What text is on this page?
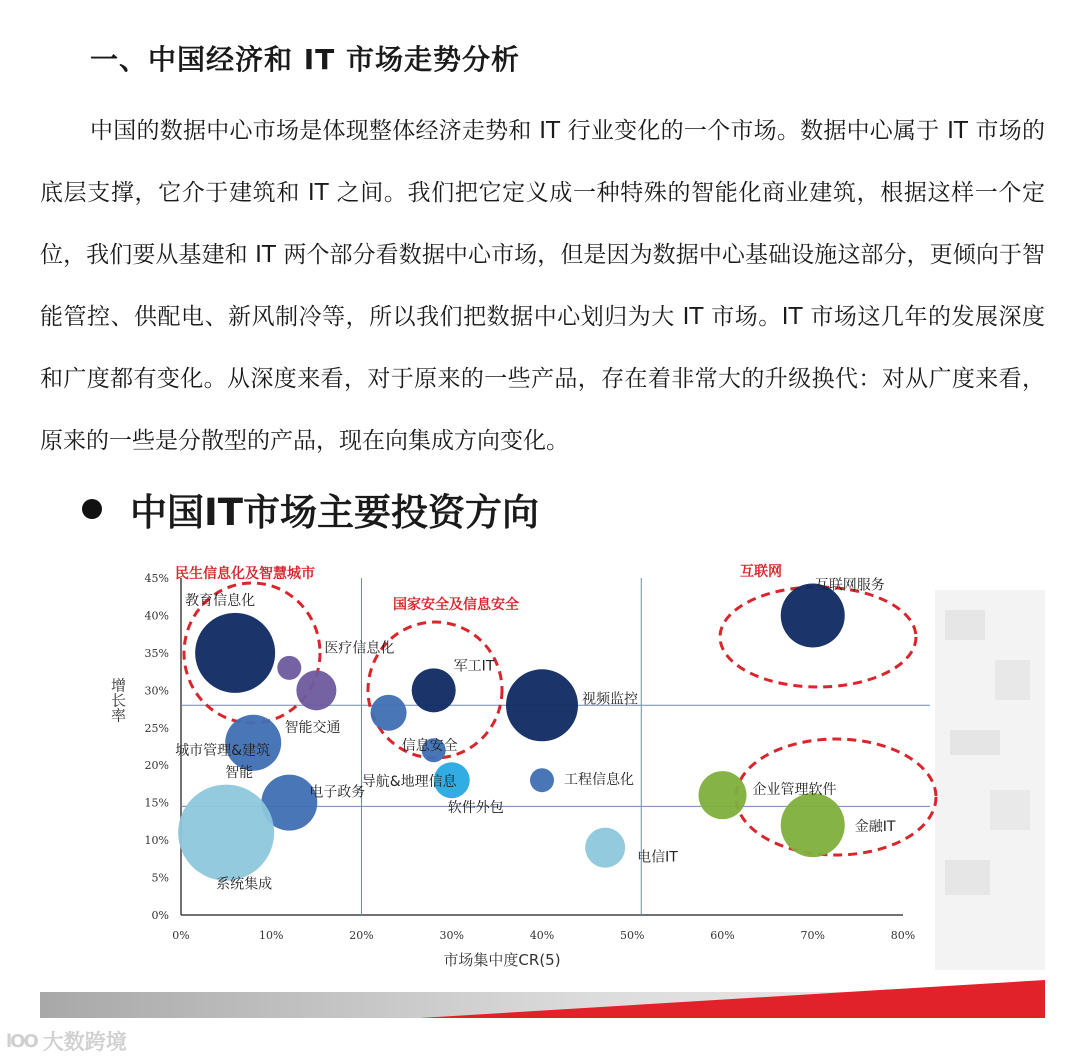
一、中国经济和 IT 市场走势分析
中国的数据中心市场是体现整体经济走势和 IT 行业变化的一个市场。数据中心属于 IT 市场的底层支撑，它介于建筑和 IT 之间。我们把它定义成一种特殊的智能化商业建筑，根据这样一个定位，我们要从基建和 IT 两个部分看数据中心市场，但是因为数据中心基础设施这部分，更倾向于智能管控、供配电、新风制冷等，所以我们把数据中心划归为大 IT 市场。IT 市场这几年的发展深度和广度都有变化。从深度来看，对于原来的一些产品，存在着非常大的升级换代：对从广度来看，原来的一些是分散型的产品，现在向集成方向变化。
中国IT市场主要投资方向
0%	10%	20%	30%	40%	50%	60%	70%	80%
0%
5%
10%
15%
20%
25%
30%
35%
40%
45%
市场集中度CR(5)
增长率
民生信息化及智慧城市
国家安全及信息安全
互联网
教育信息化
医疗信息化
军工IT
视频监控
互联网服务
智能交通
信息安全
城市管理&建筑
智能
导航&地理信息	工程信息化
电子政务
软件外包
企业管理软件
金融IT
电信IT
系统集成
lOO 大数跨境
